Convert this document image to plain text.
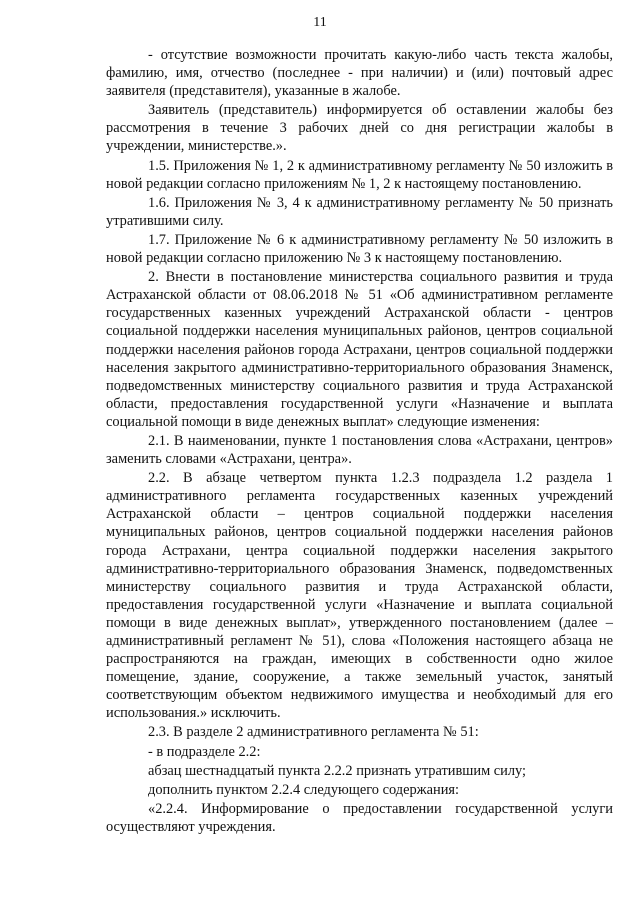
11

- отсутствие возможности прочитать какую-либо часть текста жалобы, фамилию, имя, отчество (последнее - при наличии) и (или) почтовый адрес заявителя (представителя), указанные в жалобе.

Заявитель (представитель) информируется об оставлении жалобы без рассмотрения в течение 3 рабочих дней со дня регистрации жалобы в учреждении, министерстве.».

1.5. Приложения № 1, 2 к административному регламенту № 50 изложить в новой редакции согласно приложениям № 1, 2 к настоящему постановлению.

1.6. Приложения № 3, 4 к административному регламенту № 50 признать утратившими силу.

1.7. Приложение № 6 к административному регламенту № 50 изложить в новой редакции согласно приложению № 3 к настоящему постановлению.

2. Внести в постановление министерства социального развития и труда Астраханской области от 08.06.2018 № 51 «Об административном регламенте государственных казенных учреждений Астраханской области - центров социальной поддержки населения муниципальных районов, центров социальной поддержки населения районов города Астрахани, центров социальной поддержки населения закрытого административно-территориального образования Знаменск, подведомственных министерству социального развития и труда Астраханской области, предоставления государственной услуги «Назначение и выплата социальной помощи в виде денежных выплат» следующие изменения:

2.1. В наименовании, пункте 1 постановления слова «Астрахани, центров» заменить словами «Астрахани, центра».

2.2. В абзаце четвертом пункта 1.2.3 подраздела 1.2 раздела 1 административного регламента государственных казенных учреждений Астраханской области – центров социальной поддержки населения муниципальных районов, центров социальной поддержки населения районов города Астрахани, центра социальной поддержки населения закрытого административно-территориального образования Знаменск, подведомственных министерству социального развития и труда Астраханской области, предоставления государственной услуги «Назначение и выплата социальной помощи в виде денежных выплат», утвержденного постановлением (далее – административный регламент № 51), слова «Положения настоящего абзаца не распространяются на граждан, имеющих в собственности одно жилое помещение, здание, сооружение, а также земельный участок, занятый соответствующим объектом недвижимого имущества и необходимый для его использования.» исключить.

2.3. В разделе 2 административного регламента № 51:

- в подразделе 2.2:

абзац шестнадцатый пункта 2.2.2 признать утратившим силу;

дополнить пунктом 2.2.4 следующего содержания:

«2.2.4. Информирование о предоставлении государственной услуги осуществляют учреждения.
